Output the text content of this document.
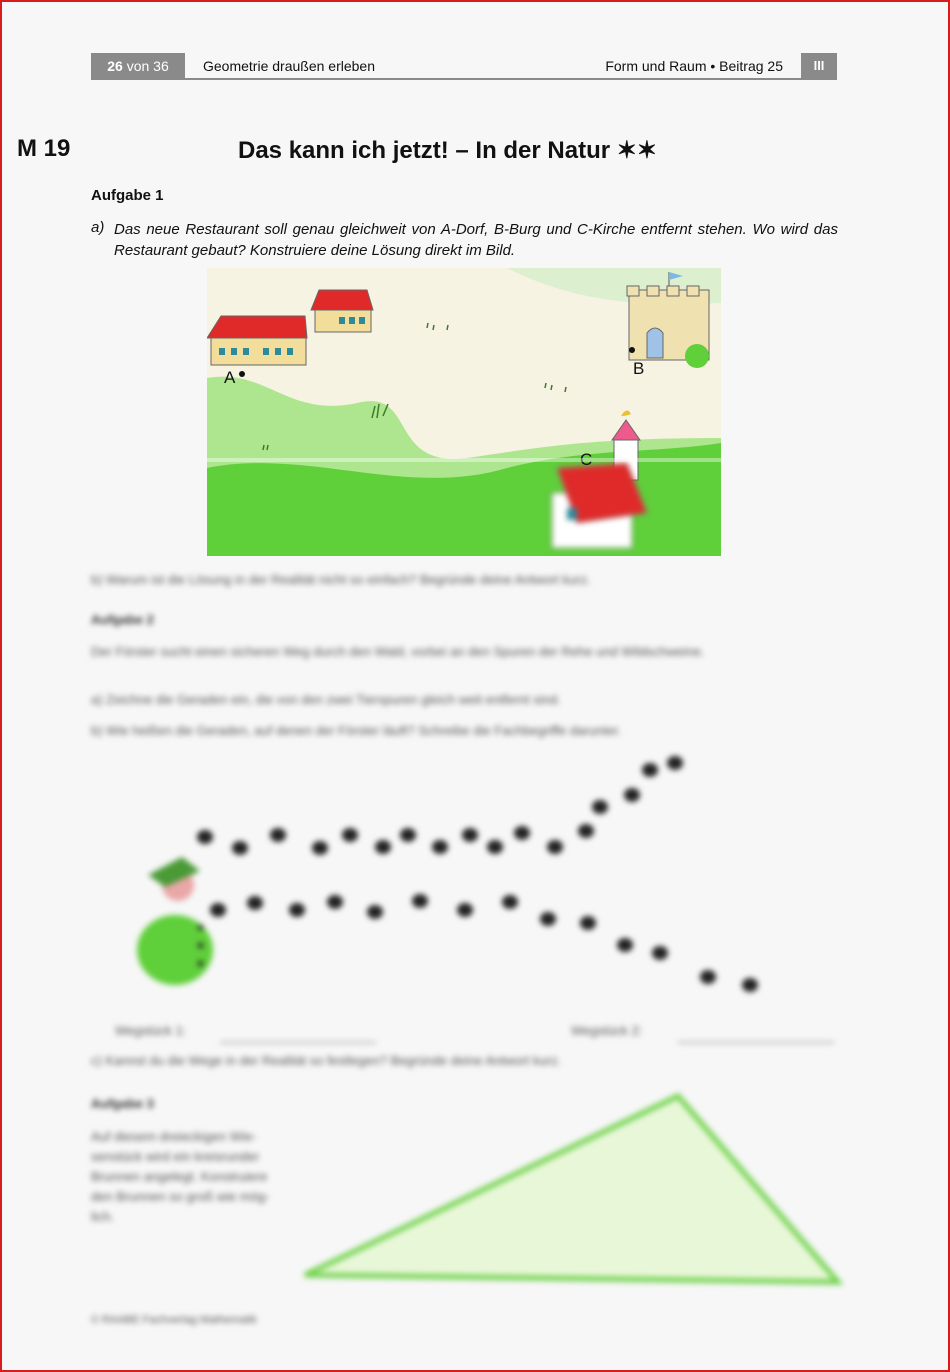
26 von 36	Geometrie draußen erleben	Form und Raum • Beitrag 25	III
M 19	Das kann ich jetzt! – In der Natur ✶✶
Aufgabe 1
a) Das neue Restaurant soll genau gleichweit von A-Dorf, B-Burg und C-Kirche entfernt stehen. Wo wird das Restaurant gebaut? Konstruiere deine Lösung direkt im Bild.
A	B
C
b) Warum ist die Lösung in der Realität nicht so einfach? Begründe deine Antwort kurz.
Aufgabe 2
Der Förster sucht einen sicheren Weg durch den Wald, vorbei an den Spuren der Rehe und Wildschweine.
a) Zeichne die Geraden ein, die von den zwei Tierspuren gleich weit entfernt sind.
b) Wie heißen die Geraden, auf denen der Förster läuft? Schreibe die Fachbegriffe darunter.
Wegstück 1:	Wegstück 2:
c) Kannst du die Wege in der Realität so festlegen? Begründe deine Antwort kurz.
Aufgabe 3
Auf diesem dreieckigen Wie-
senstück wird ein kreisrunder
Brunnen angelegt. Konstruiere
den Brunnen so groß wie mög-
lich.
© RAABE Fachverlag Mathematik
